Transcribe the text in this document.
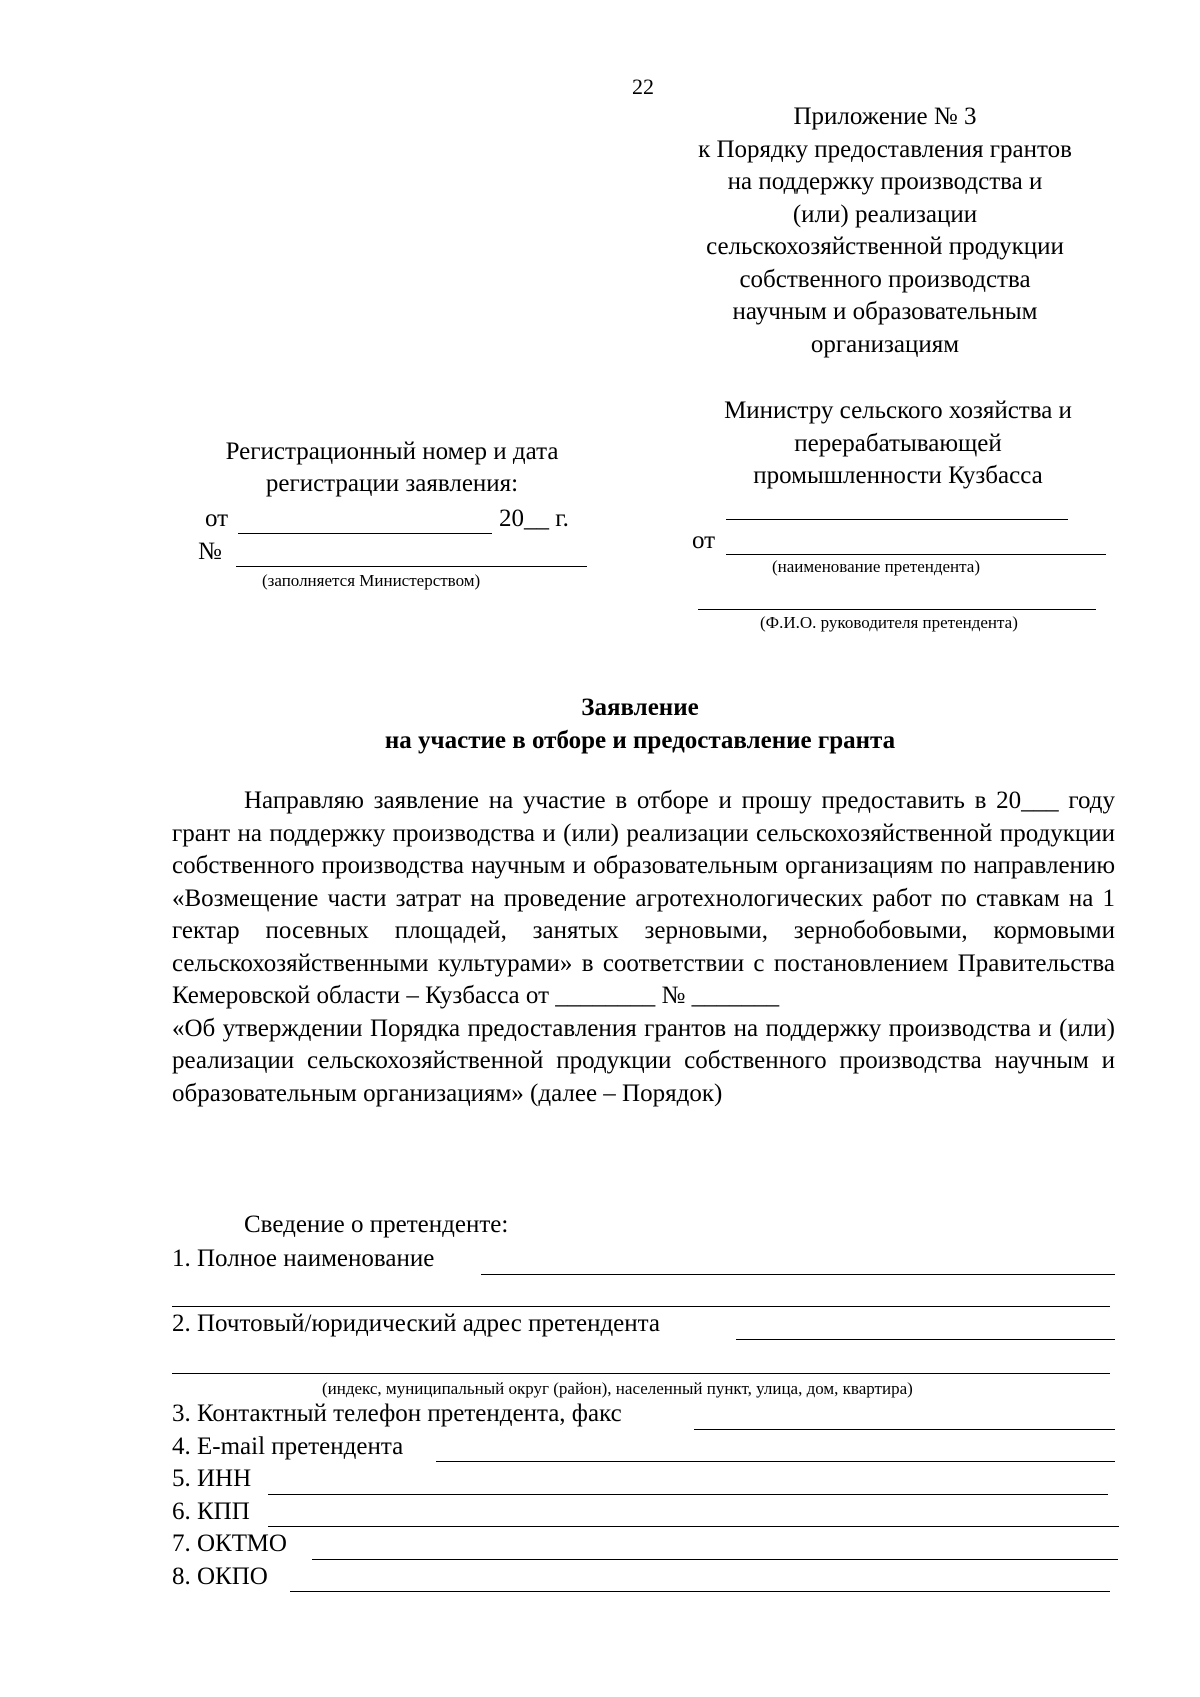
22
Приложение № 3
к Порядку предоставления грантов
на поддержку производства и
(или) реализации
сельскохозяйственной продукции
собственного производства
научным и образовательным
организациям
Министру сельского хозяйства и
перерабатывающей
промышленности Кузбасса
от
(наименование претендента)
(Ф.И.О. руководителя претендента)
Регистрационный номер и дата
регистрации заявления:
от	20__ г.
№
(заполняется Министерством)
Заявление
на участие в отборе и предоставление гранта
Направляю заявление на участие в отборе и прошу предоставить в 20___ году грант на поддержку производства и (или) реализации сельскохозяйственной продукции собственного производства научным и образовательным организациям по направлению «Возмещение части затрат на проведение агротехнологических работ по ставкам на 1 гектар посевных площадей, занятых зерновыми, зернобобовыми, кормовыми сельскохозяйственными культурами» в соответствии с постановлением Правительства Кемеровской области – Кузбасса от ________ № _______
«Об утверждении Порядка предоставления грантов на поддержку производства и (или) реализации сельскохозяйственной продукции собственного производства научным и образовательным организациям» (далее – Порядок)
Сведение о претенденте:
1. Полное наименование
2. Почтовый/юридический адрес претендента
(индекс, муниципальный округ (район), населенный пункт, улица, дом, квартира)
3. Контактный телефон претендента, факс
4. E-mail претендента
5. ИНН
6. КПП
7. ОКТМО
8. ОКПО
